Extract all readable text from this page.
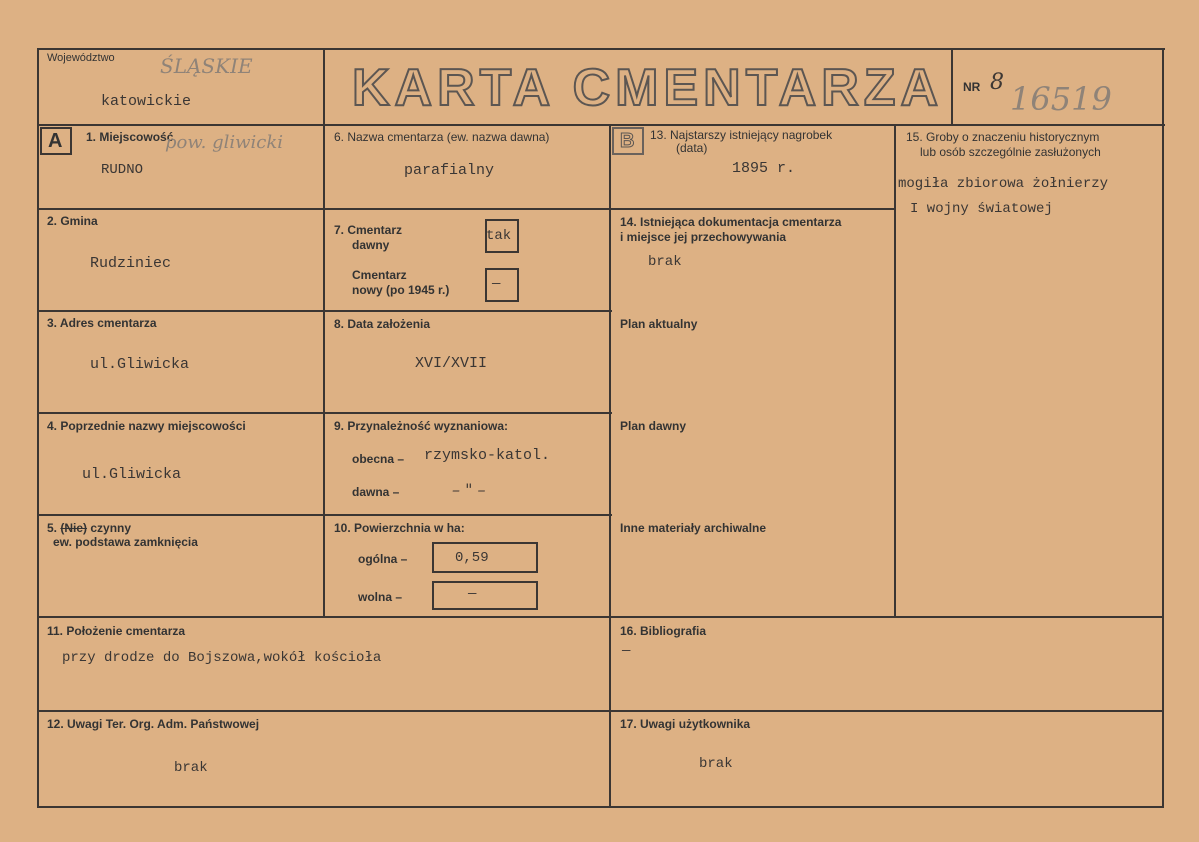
Województwo ŚLĄSKIE
katowickie	KARTA CMENTARZA NR 8 16519
A	B
1. Miejscowość
pow. gliwicki
RUDNO
2. Gmina
Rudziniec
3. Adres cmentarza
ul.Gliwicka
4. Poprzednie nazwy miejscowości
ul.Gliwicka
5. (Nie) czynny
ew. podstawa zamknięcia
6. Nazwa cmentarza (ew. nazwa dawna)
parafialny
7. Cmentarz
dawny
tak
Cmentarz
nowy (po 1945 r.)	—
8. Data założenia
XVI/XVII
9. Przynależność wyznaniowa:
obecna – rzymsko-katol.
dawna –	– " –
10. Powierzchnia w ha:
ogólna –	0,59
wolna –	—
13. Najstarszy istniejący nagrobek
(data)
1895 r.
14. Istniejąca dokumentacja cmentarza
i miejsce jej przechowywania
brak
Plan aktualny
Plan dawny
Inne materiały archiwalne
15. Groby o znaczeniu historycznym
lub osób szczególnie zasłużonych
mogiła zbiorowa żołnierzy
I wojny światowej
11. Położenie cmentarza
przy drodze do Bojszowa,wokół kościoła
16. Bibliografia
—
12. Uwagi Ter. Org. Adm. Państwowej
brak
17. Uwagi użytkownika
brak
